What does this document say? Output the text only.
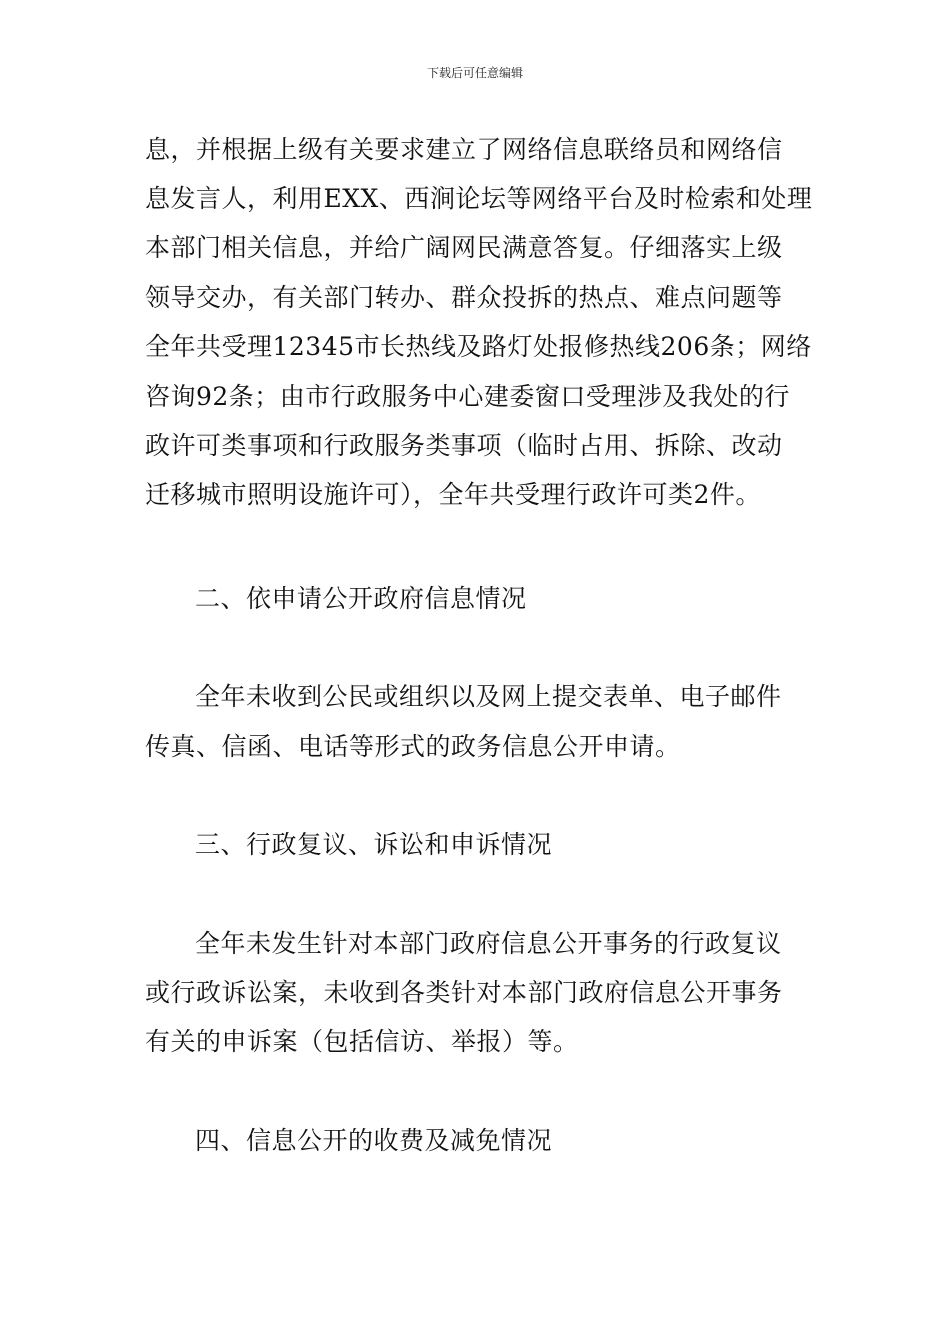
下载后可任意编辑
息，并根据上级有关要求建立了网络信息联络员和网络信
息发言人，利用EXX、西涧论坛等网络平台及时检索和处理
本部门相关信息，并给广阔网民满意答复。仔细落实上级
领导交办，有关部门转办、群众投拆的热点、难点问题等
全年共受理12345市长热线及路灯处报修热线206条；网络
咨询92条；由市行政服务中心建委窗口受理涉及我处的行
政许可类事项和行政服务类事项（临时占用、拆除、改动
迁移城市照明设施许可），全年共受理行政许可类2件。
二、依申请公开政府信息情况
全年未收到公民或组织以及网上提交表单、电子邮件
传真、信函、电话等形式的政务信息公开申请。
三、行政复议、诉讼和申诉情况
全年未发生针对本部门政府信息公开事务的行政复议
或行政诉讼案，未收到各类针对本部门政府信息公开事务
有关的申诉案（包括信访、举报）等。
四、信息公开的收费及减免情况
